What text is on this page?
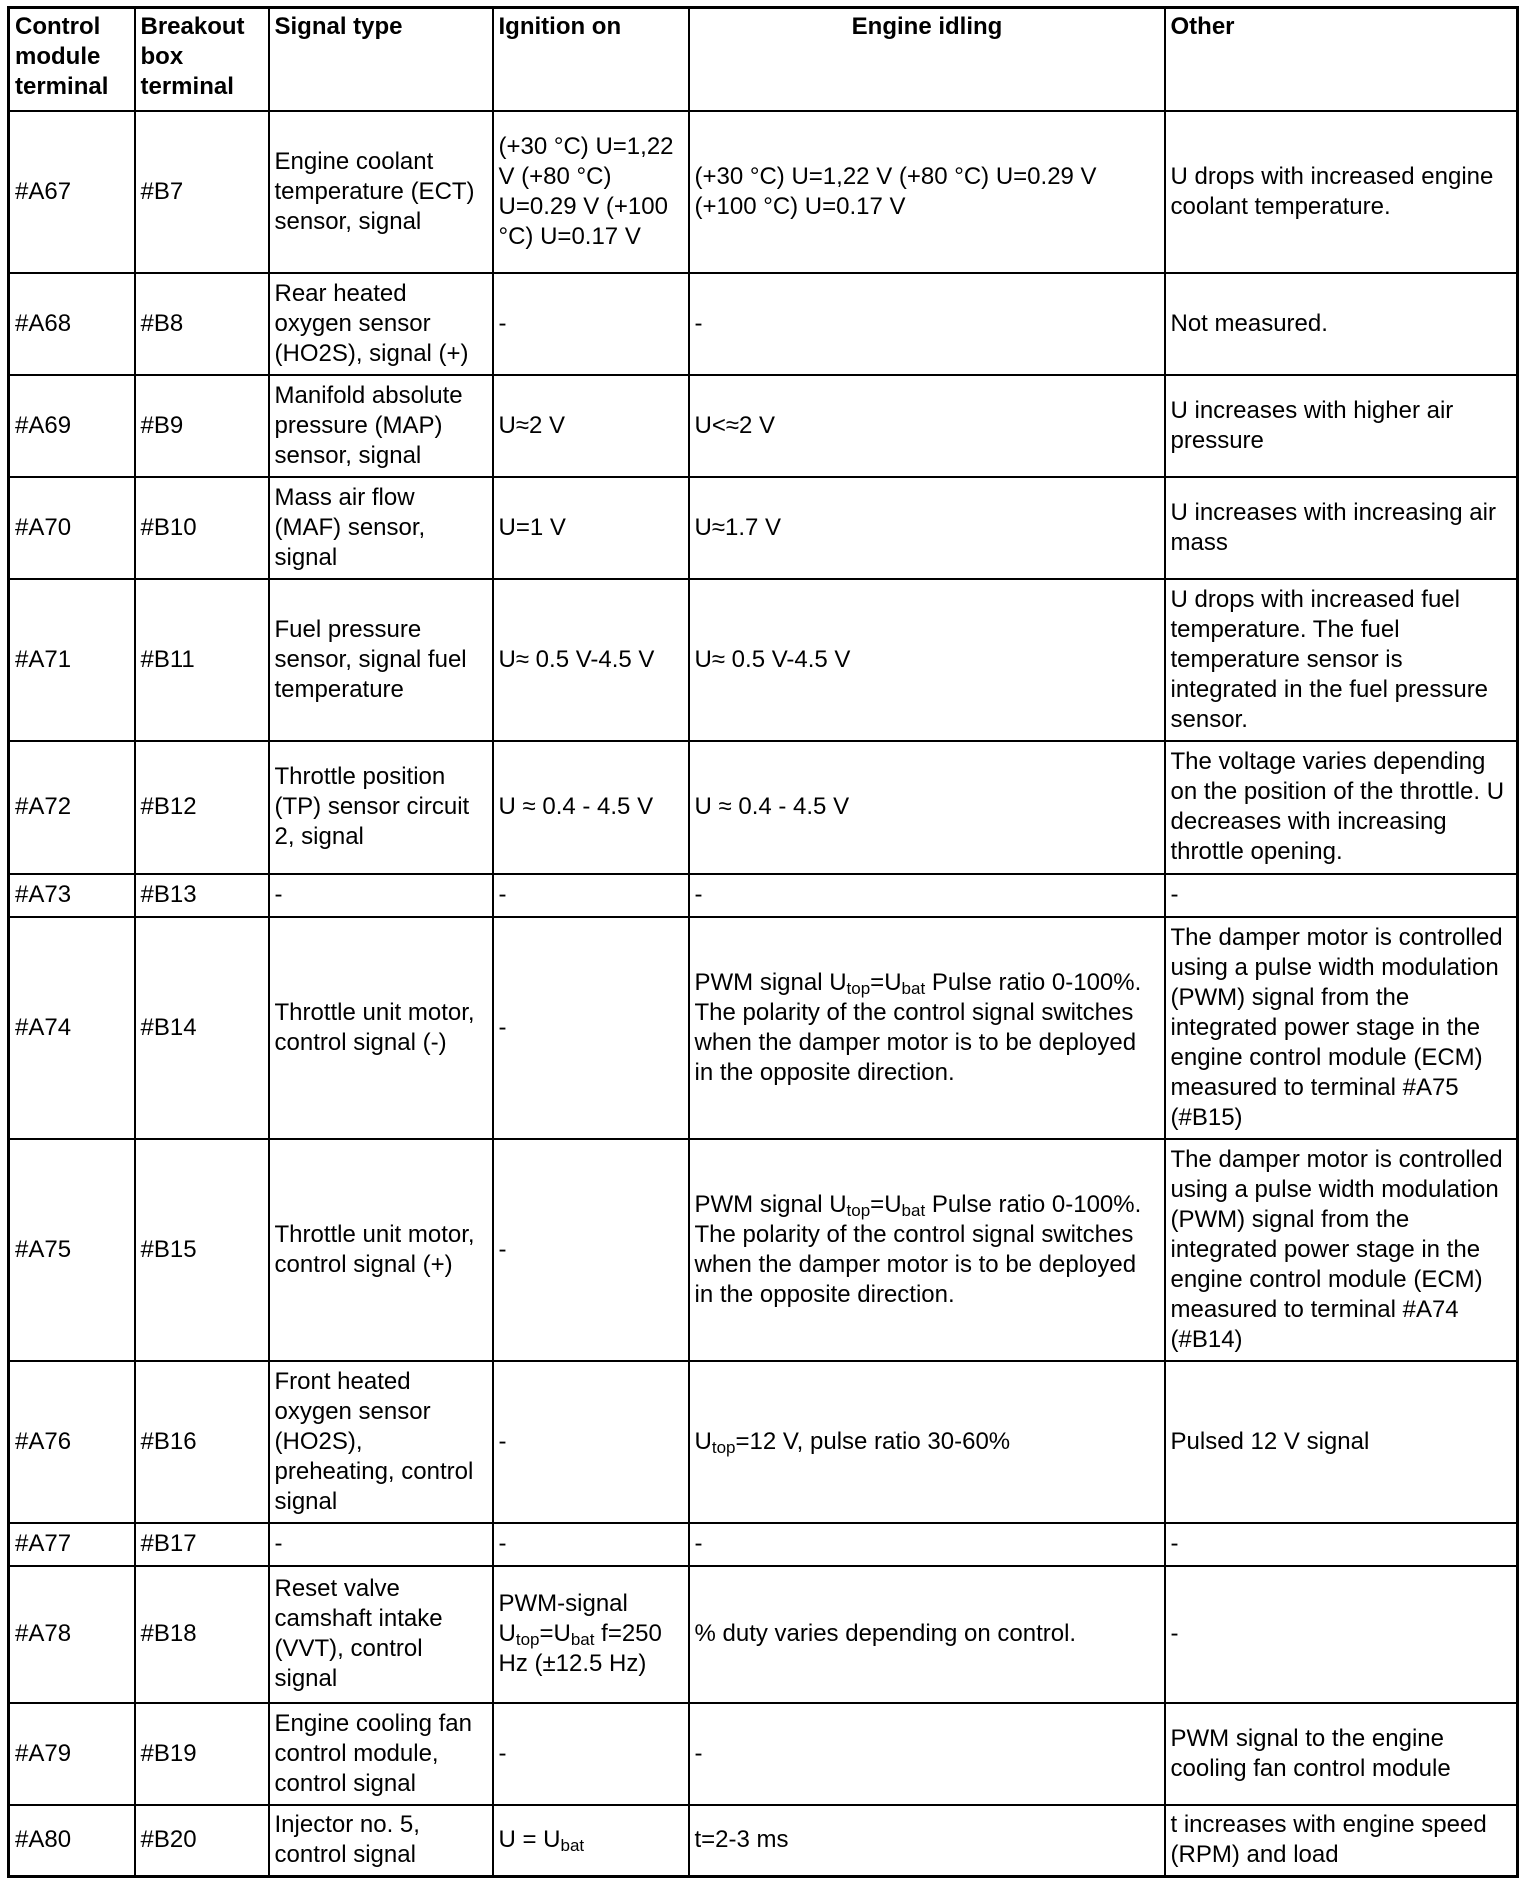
Control module terminal	Breakout box terminal	Signal type	Ignition on	Engine idling	Other
#A67	#B7	Engine coolant temperature (ECT) sensor, signal	(+30 °C) U=1,22 V (+80 °C) U=0.29 V (+100 °C) U=0.17 V	(+30 °C) U=1,22 V (+80 °C) U=0.29 V (+100 °C) U=0.17 V	U drops with increased engine coolant temperature.
#A68	#B8	Rear heated oxygen sensor (HO2S), signal (+)	-	-	Not measured.
#A69	#B9	Manifold absolute pressure (MAP) sensor, signal	U≈2 V	U<≈2 V	U increases with higher air pressure
#A70	#B10	Mass air flow (MAF) sensor, signal	U=1 V	U≈1.7 V	U increases with increasing air mass
#A71	#B11	Fuel pressure sensor, signal fuel temperature	U≈ 0.5 V-4.5 V	U≈ 0.5 V-4.5 V	U drops with increased fuel temperature. The fuel temperature sensor is integrated in the fuel pressure sensor.
#A72	#B12	Throttle position (TP) sensor circuit 2, signal	U ≈ 0.4 - 4.5 V	U ≈ 0.4 - 4.5 V	The voltage varies depending on the position of the throttle. U decreases with increasing throttle opening.
#A73	#B13	-	-	-	-
#A74	#B14	Throttle unit motor, control signal (-)	-	PWM signal $U_{top}=U_{bat}$ Pulse ratio 0-100%. The polarity of the control signal switches when the damper motor is to be deployed in the opposite direction.	The damper motor is controlled using a pulse width modulation (PWM) signal from the integrated power stage in the engine control module (ECM) measured to terminal #A75 (#B15)
#A75	#B15	Throttle unit motor, control signal (+)	-	PWM signal $U_{top}=U_{bat}$ Pulse ratio 0-100%. The polarity of the control signal switches when the damper motor is to be deployed in the opposite direction.	The damper motor is controlled using a pulse width modulation (PWM) signal from the integrated power stage in the engine control module (ECM) measured to terminal #A74 (#B14)
#A76	#B16	Front heated oxygen sensor (HO2S), preheating, control signal	-	$U_{top}=12$ V, pulse ratio 30-60%	Pulsed 12 V signal
#A77	#B17	-	-	-	-
#A78	#B18	Reset valve camshaft intake (VVT), control signal	PWM-signal $U_{top}=U_{bat}$ f=250 Hz (±12.5 Hz)	% duty varies depending on control.	-
#A79	#B19	Engine cooling fan control module, control signal	-	-	PWM signal to the engine cooling fan control module
#A80	#B20	Injector no. 5, control signal	$U = U_{bat}$	t=2-3 ms	t increases with engine speed (RPM) and load
